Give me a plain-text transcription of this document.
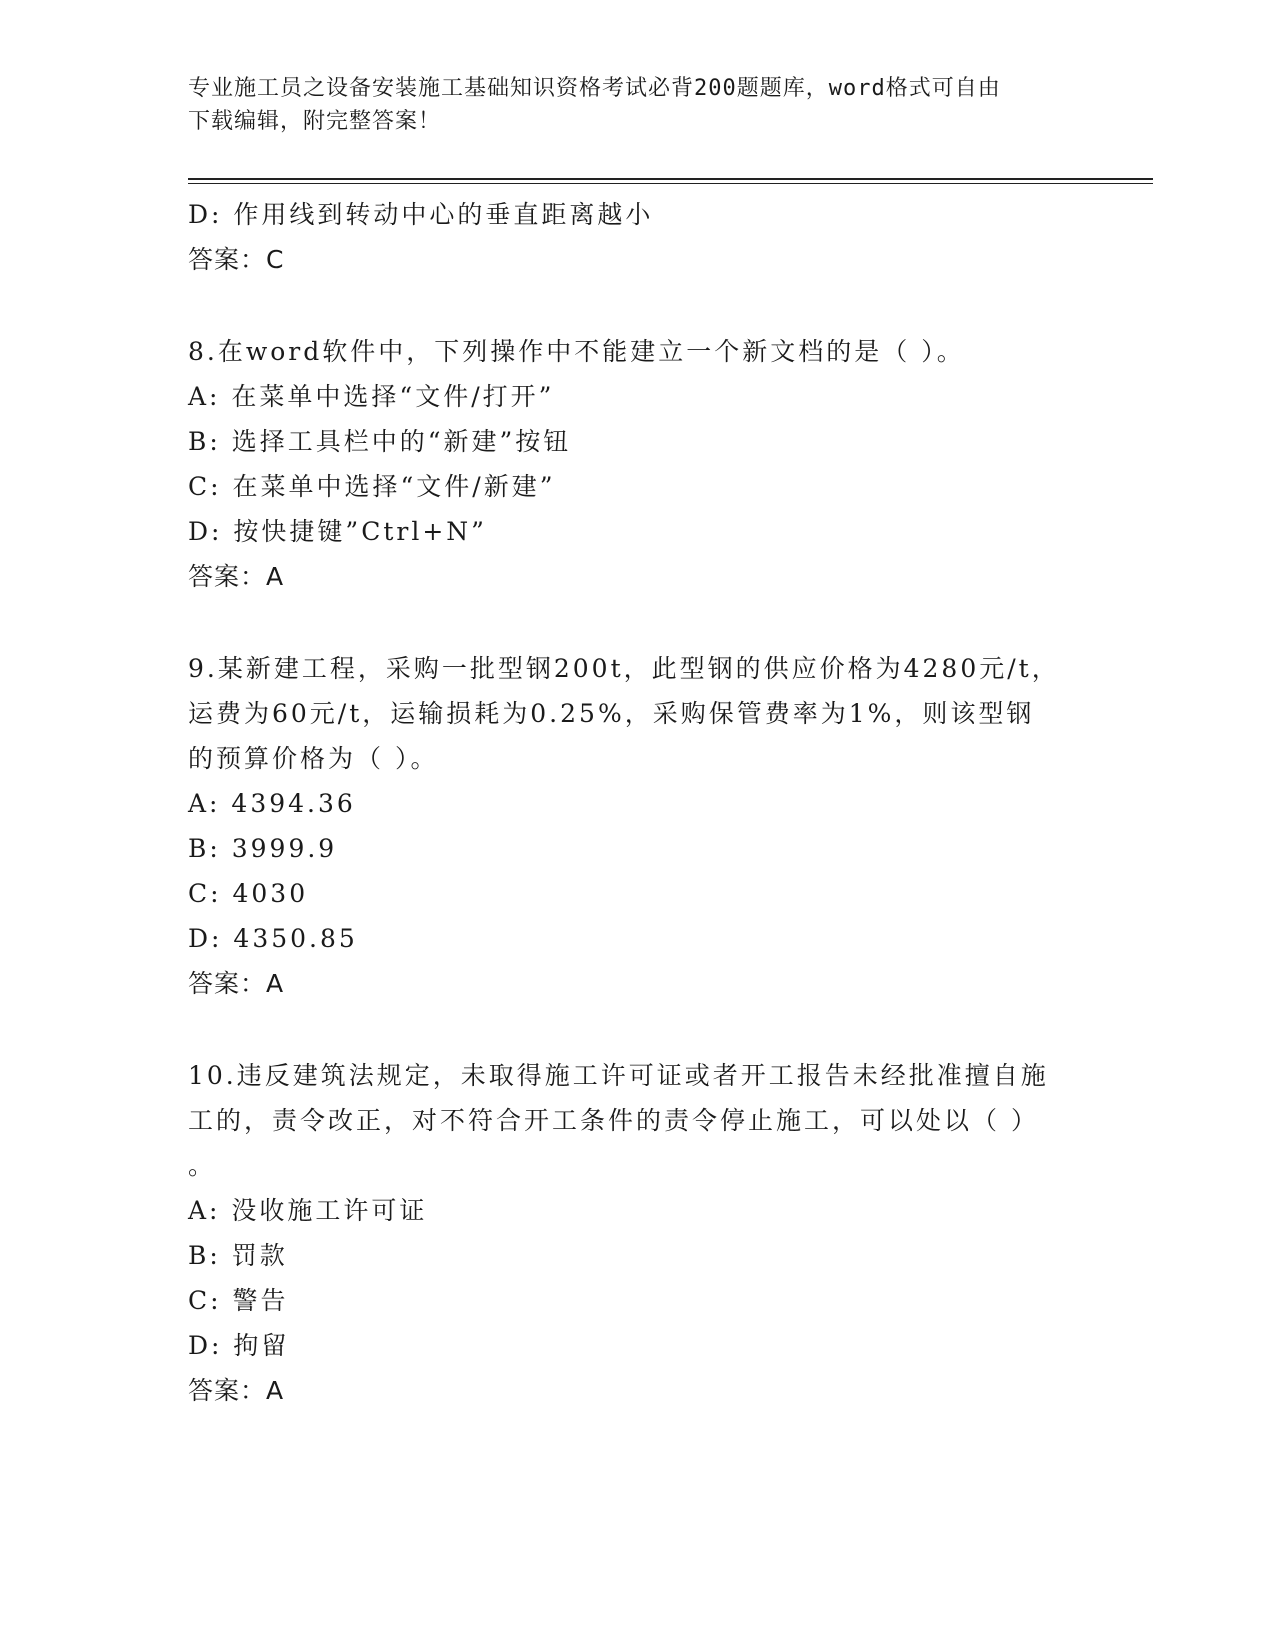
专业施工员之设备安装施工基础知识资格考试必背200题题库，word格式可自由
下载编辑，附完整答案！
D: 作用线到转动中心的垂直距离越小
答案：C
8.在word软件中，下列操作中不能建立一个新文档的是（ ）。
A: 在菜单中选择“文件/打开”
B: 选择工具栏中的“新建”按钮
C: 在菜单中选择“文件/新建”
D: 按快捷键”Ctrl+N”
答案：A
9.某新建工程，采购一批型钢200t，此型钢的供应价格为4280元/t，
运费为60元/t，运输损耗为0.25%，采购保管费率为1%，则该型钢
的预算价格为（ ）。
A: 4394.36
B: 3999.9
C: 4030
D: 4350.85
答案：A
10.违反建筑法规定，未取得施工许可证或者开工报告未经批准擅自施
工的，责令改正，对不符合开工条件的责令停止施工，可以处以（ ）
。
A: 没收施工许可证
B: 罚款
C: 警告
D: 拘留
答案：A
